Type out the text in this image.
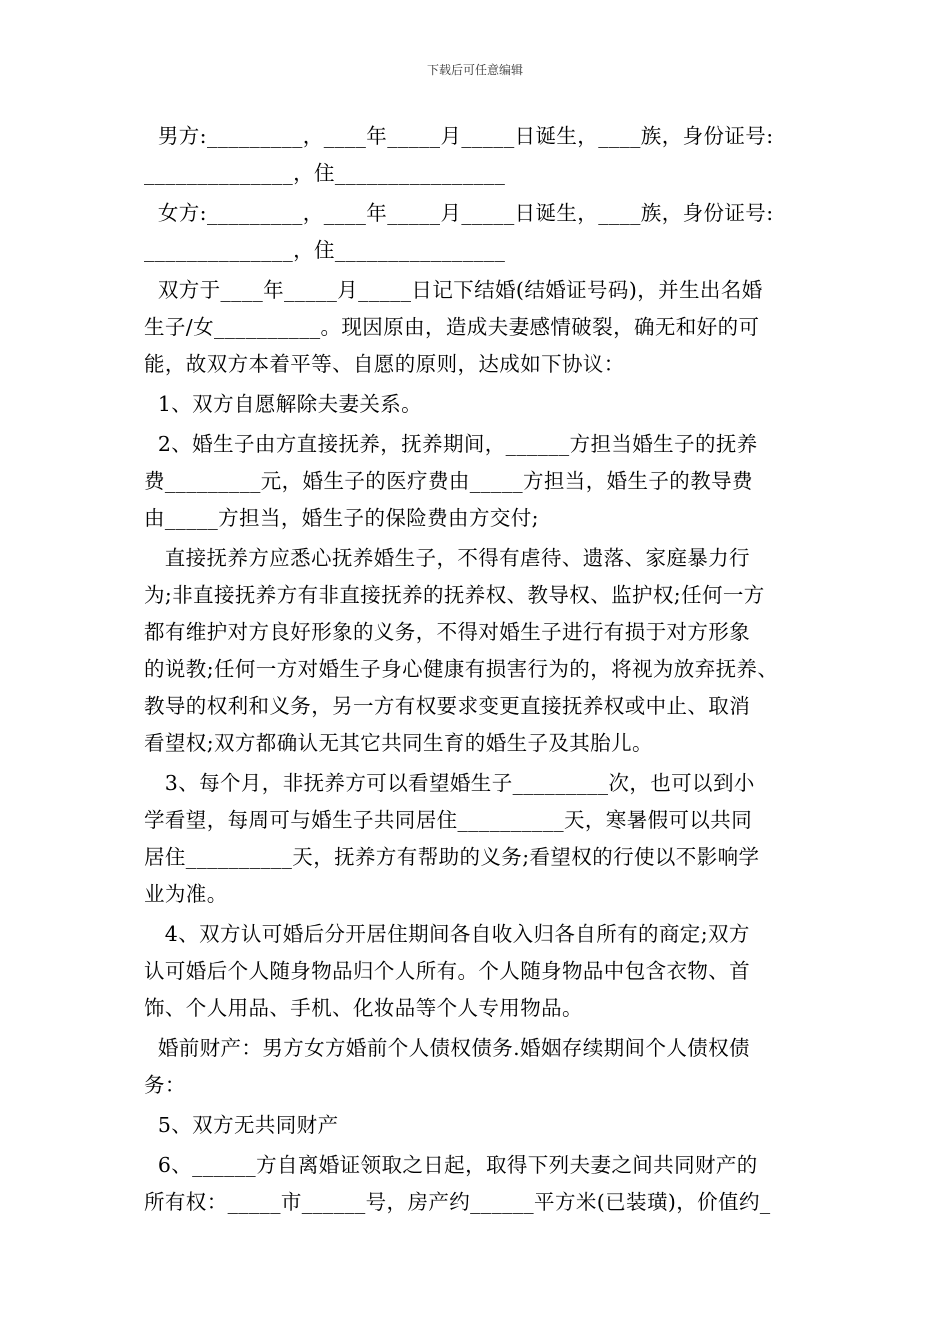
下载后可任意编辑
男方:_________，____年_____月_____日诞生，____族，身份证号:
______________，住________________
女方:_________，____年_____月_____日诞生，____族，身份证号:
______________，住________________
双方于____年_____月_____日记下结婚(结婚证号码)，并生出名婚
生子/女__________。现因原由，造成夫妻感情破裂，确无和好的可
能，故双方本着平等、自愿的原则，达成如下协议：
1、双方自愿解除夫妻关系。
2、婚生子由方直接抚养，抚养期间，______方担当婚生子的抚养
费_________元，婚生子的医疗费由_____方担当，婚生子的教导费
由_____方担当，婚生子的保险费由方交付;
直接抚养方应悉心抚养婚生子，不得有虐待、遗落、家庭暴力行
为;非直接抚养方有非直接抚养的抚养权、教导权、监护权;任何一方
都有维护对方良好形象的义务，不得对婚生子进行有损于对方形象
的说教;任何一方对婚生子身心健康有损害行为的，将视为放弃抚养、
教导的权利和义务，另一方有权要求变更直接抚养权或中止、取消
看望权;双方都确认无其它共同生育的婚生子及其胎儿。
3、每个月，非抚养方可以看望婚生子_________次，也可以到小
学看望，每周可与婚生子共同居住__________天，寒暑假可以共同
居住__________天，抚养方有帮助的义务;看望权的行使以不影响学
业为准。
4、双方认可婚后分开居住期间各自收入归各自所有的商定;双方
认可婚后个人随身物品归个人所有。个人随身物品中包含衣物、首
饰、个人用品、手机、化妆品等个人专用物品。
婚前财产：男方女方婚前个人债权债务.婚姻存续期间个人债权债
务：
5、双方无共同财产
6、______方自离婚证领取之日起，取得下列夫妻之间共同财产的
所有权：_____市______号，房产约______平方米(已装璜)，价值约_
